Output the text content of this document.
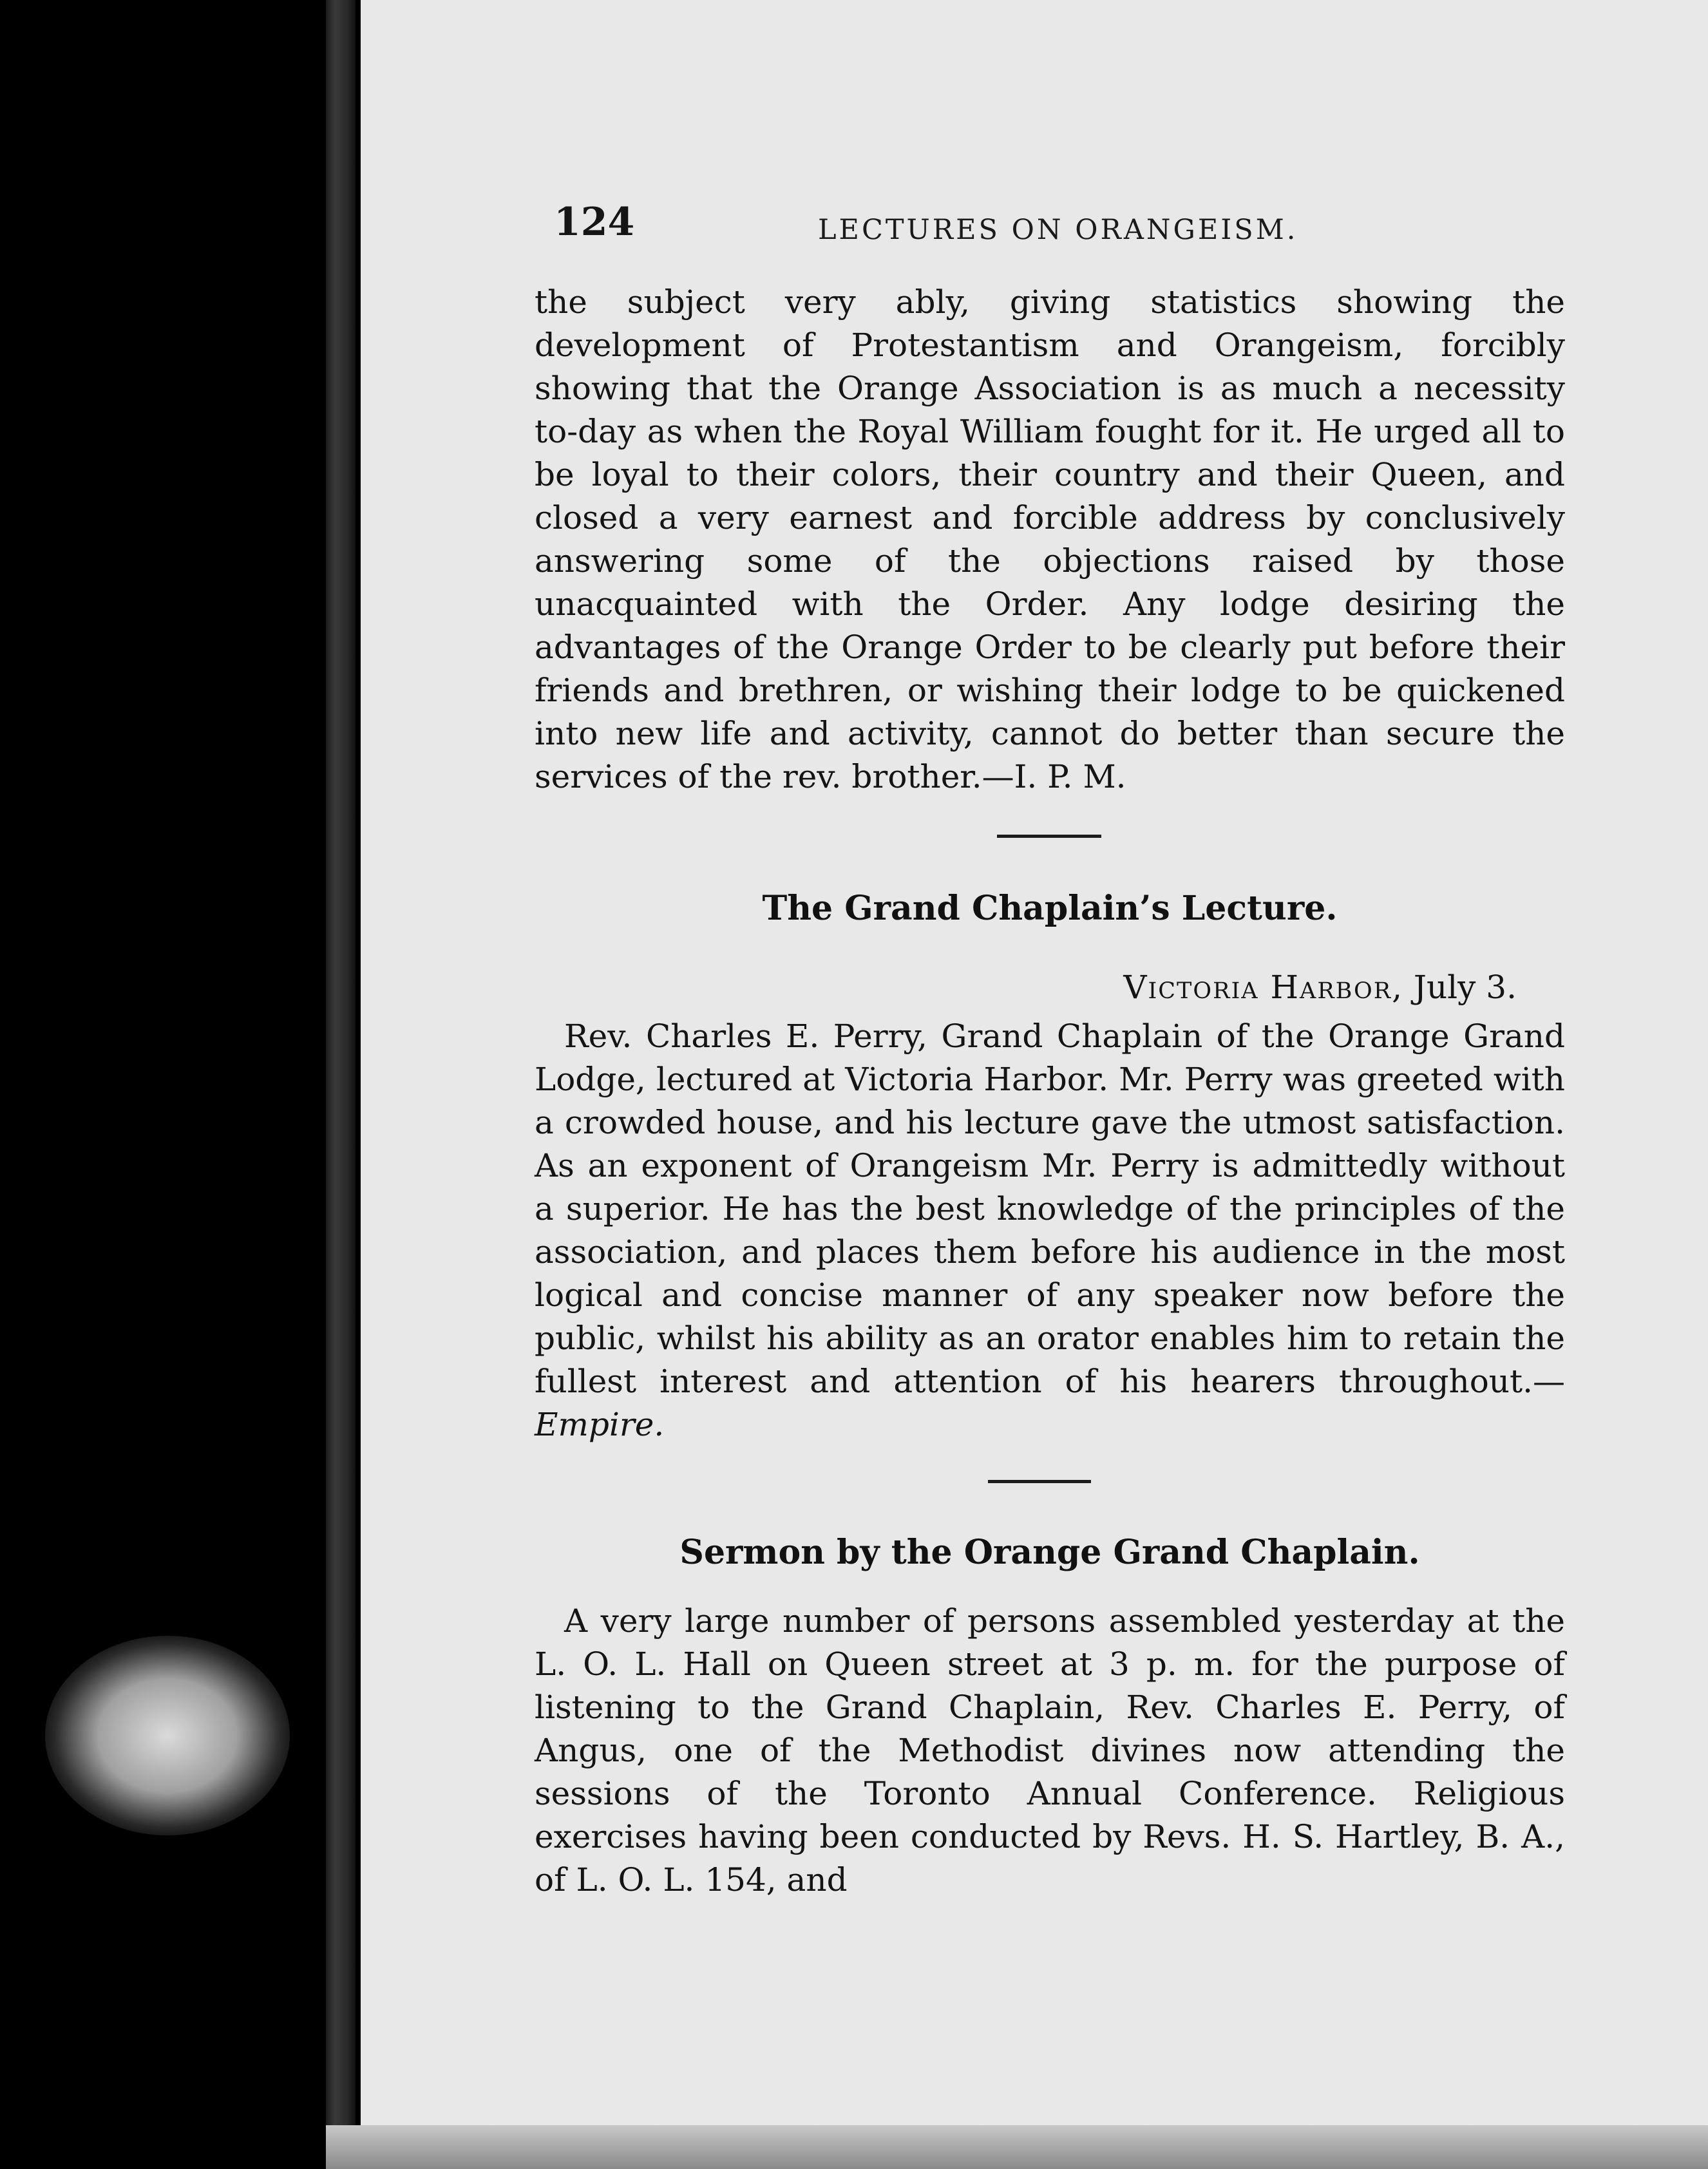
124	LECTURES ON ORANGEISM.

the subject very ably, giving statistics showing the development of Protestantism and Orangeism, forcibly showing that the Orange Association is as much a necessity to-day as when the Royal William fought for it. He urged all to be loyal to their colors, their country and their Queen, and closed a very earnest and forcible address by conclusively answering some of the objections raised by those unacquainted with the Order. Any lodge desiring the advantages of the Orange Order to be clearly put before their friends and brethren, or wishing their lodge to be quickened into new life and activity, cannot do better than secure the services of the rev. brother.—I. P. M.

The Grand Chaplain’s Lecture.
Victoria Harbor, July 3.

Rev. Charles E. Perry, Grand Chaplain of the Orange Grand Lodge, lectured at Victoria Harbor. Mr. Perry was greeted with a crowded house, and his lecture gave the utmost satisfaction. As an exponent of Orangeism Mr. Perry is admittedly without a superior. He has the best knowledge of the principles of the association, and places them before his audience in the most logical and concise manner of any speaker now before the public, whilst his ability as an orator enables him to retain the fullest interest and attention of his hearers throughout.—Empire.

Sermon by the Orange Grand Chaplain.

A very large number of persons assembled yesterday at the L. O. L. Hall on Queen street at 3 p. m. for the purpose of listening to the Grand Chaplain, Rev. Charles E. Perry, of Angus, one of the Methodist divines now attending the sessions of the Toronto Annual Conference. Religious exercises having been conducted by Revs. H. S. Hartley, B. A., of L. O. L. 154, and
